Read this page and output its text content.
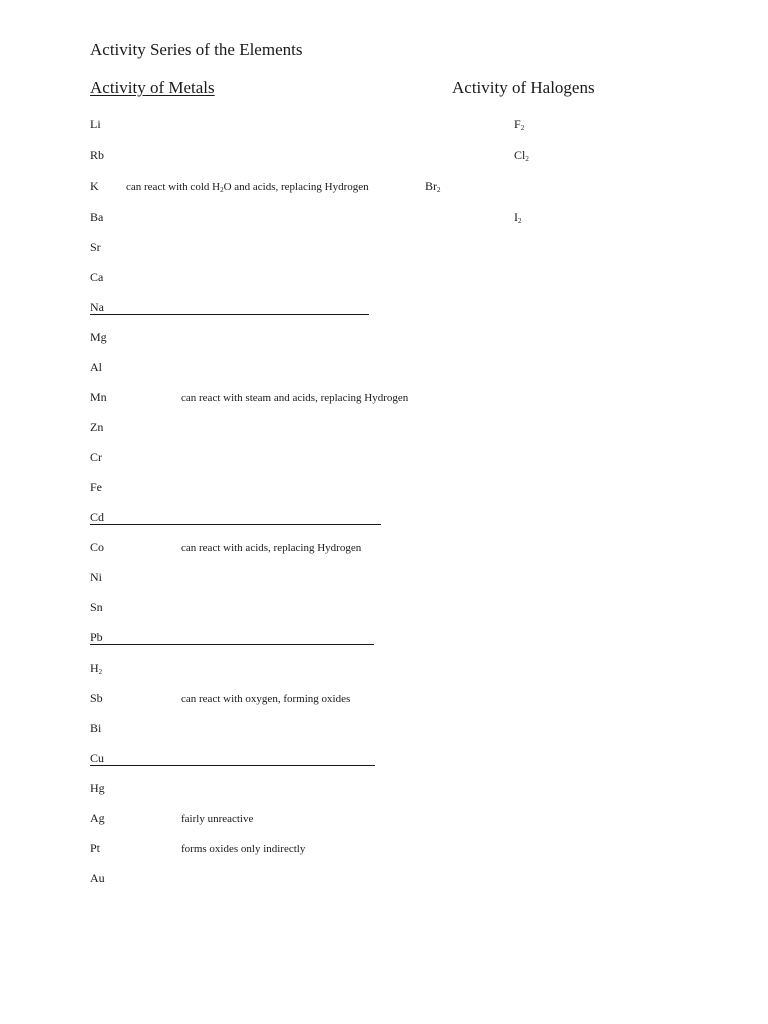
Activity Series of the Elements
Activity of Metals	Activity of Halogens
Li	$F_2$
Rb	$Cl_2$
K can react with cold $H_2O$ and acids, replacing Hydrogen	$Br_2$
Ba	$I_2$
Sr
Ca
Na
Mg
Al
Mn	can react with steam and acids, replacing Hydrogen
Zn
Cr
Fe
Cd
Co	can react with acids, replacing Hydrogen
Ni
Sn
Pb
$H_2$
Sb	can react with oxygen, forming oxides
Bi
Cu
Hg
Ag	fairly unreactive
Pt	forms oxides only indirectly
Au
